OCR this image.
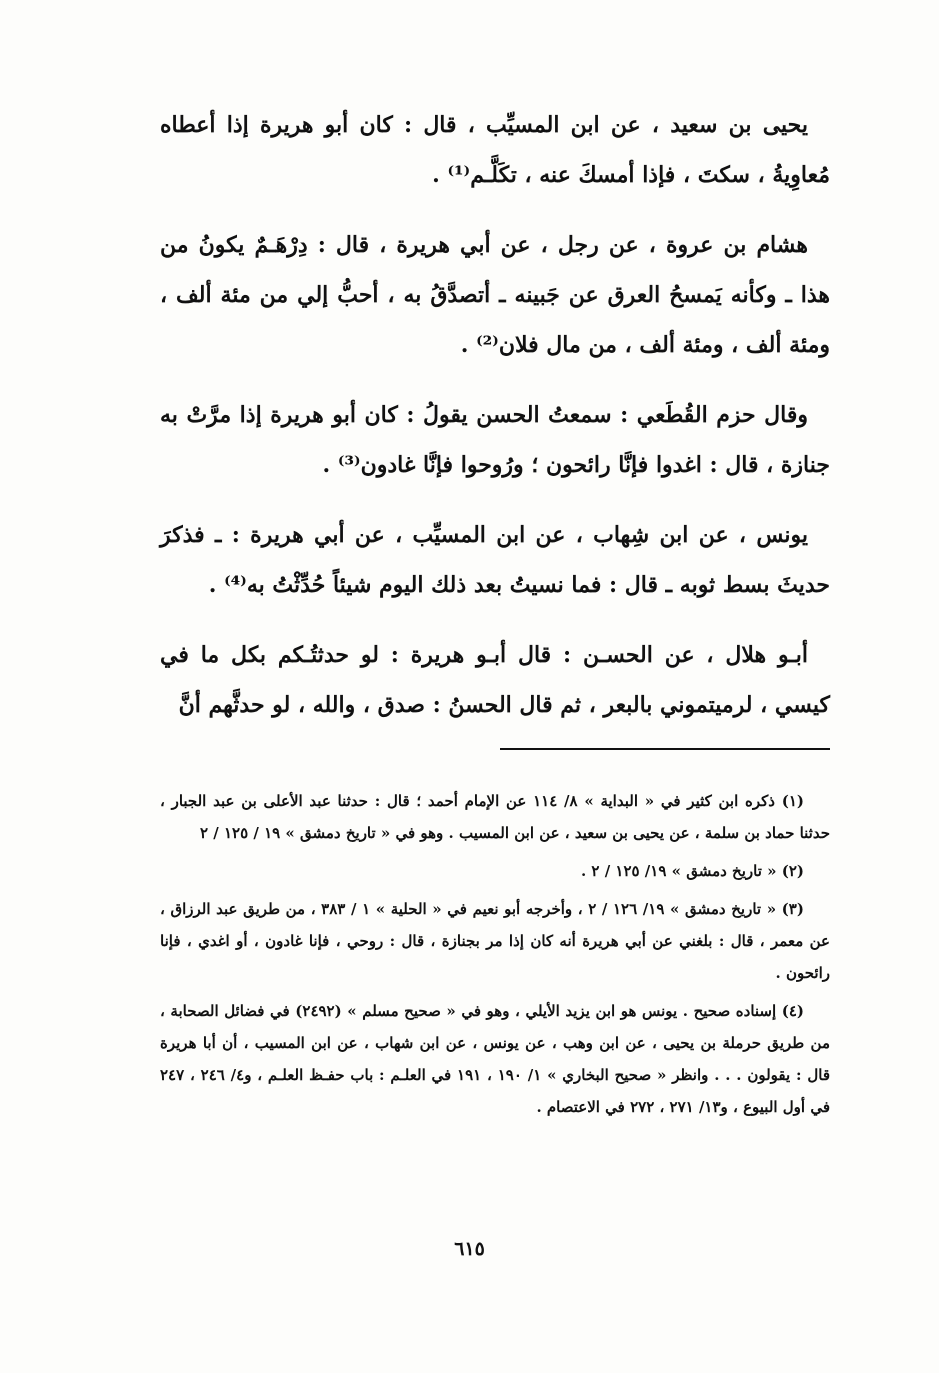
يحيى بن سعيد ، عن ابن المسيِّب ، قال : كان أبو هريرة إذا أعطاه مُعاوِيةُ ، سكتَ ، فإذا أمسكَ عنه ، تكَلَّـم⁽¹⁾ .

هشام بن عروة ، عن رجل ، عن أبي هريرة ، قال : دِرْهَـمٌ يكونُ من هذا ـ وكأنه يَمسحُ العرق عن جَبينه ـ أتصدَّقُ به ، أحبُّ إلي من مئة ألف ، ومئة ألف ، ومئة ألف ، من مال فلان⁽²⁾ .

وقال حزم القُطَعي : سمعتُ الحسن يقولُ : كان أبو هريرة إذا مرَّتْ به جنازة ، قال : اغدوا فإنَّا رائحون ؛ ورُوحوا فإنَّا غادون⁽³⁾ .

يونس ، عن ابن شِهاب ، عن ابن المسيِّب ، عن أبي هريرة : ـ فذكرَ حديثَ بسط ثوبه ـ قال : فما نسيتُ بعد ذلك اليوم شيئاً حُدِّثْتُ به⁽⁴⁾ .

أبـو هلال ، عن الحسـن : قال أبـو هريرة : لو حدثتُـكم بكل ما في كيسي ، لرميتموني بالبعر ، ثم قال الحسنُ : صدق ، والله ، لو حدثَّهم أنَّ

(١) ذكره ابن كثير في « البداية » ٨/ ١١٤ عن الإمام أحمد ؛ قال : حدثنا عبد الأعلى بن عبد الجبار ، حدثنا حماد بن سلمة ، عن يحيى بن سعيد ، عن ابن المسيب . وهو في « تاريخ دمشق » ١٩ / ١٢٥ / ٢

(٢) « تاريخ دمشق » ١٩/ ١٢٥ / ٢ .

(٣) « تاريخ دمشق » ١٩/ ١٢٦ / ٢ ، وأخرجه أبو نعيم في « الحلية » ١ / ٣٨٣ ، من طريق عبد الرزاق ، عن معمر ، قال : بلغني عن أبي هريرة أنه كان إذا مر بجنازة ، قال : روحي ، فإنا غادون ، أو اغدي ، فإنا رائحون .

(٤) إسناده صحيح . يونس هو ابن يزيد الأيلي ، وهو في « صحيح مسلم » (٢٤٩٢) في فضائل الصحابة ، من طريق حرملة بن يحيى ، عن ابن وهب ، عن يونس ، عن ابن شهاب ، عن ابن المسيب ، أن أبا هريرة قال : يقولون . . . وانظر « صحيح البخاري » ١/ ١٩٠ ، ١٩١ في العلـم : باب حفـظ العلـم ، و٤/ ٢٤٦ ، ٢٤٧ في أول البيوع ، و١٣/ ٢٧١ ، ٢٧٢ في الاعتصام .

٦١٥
